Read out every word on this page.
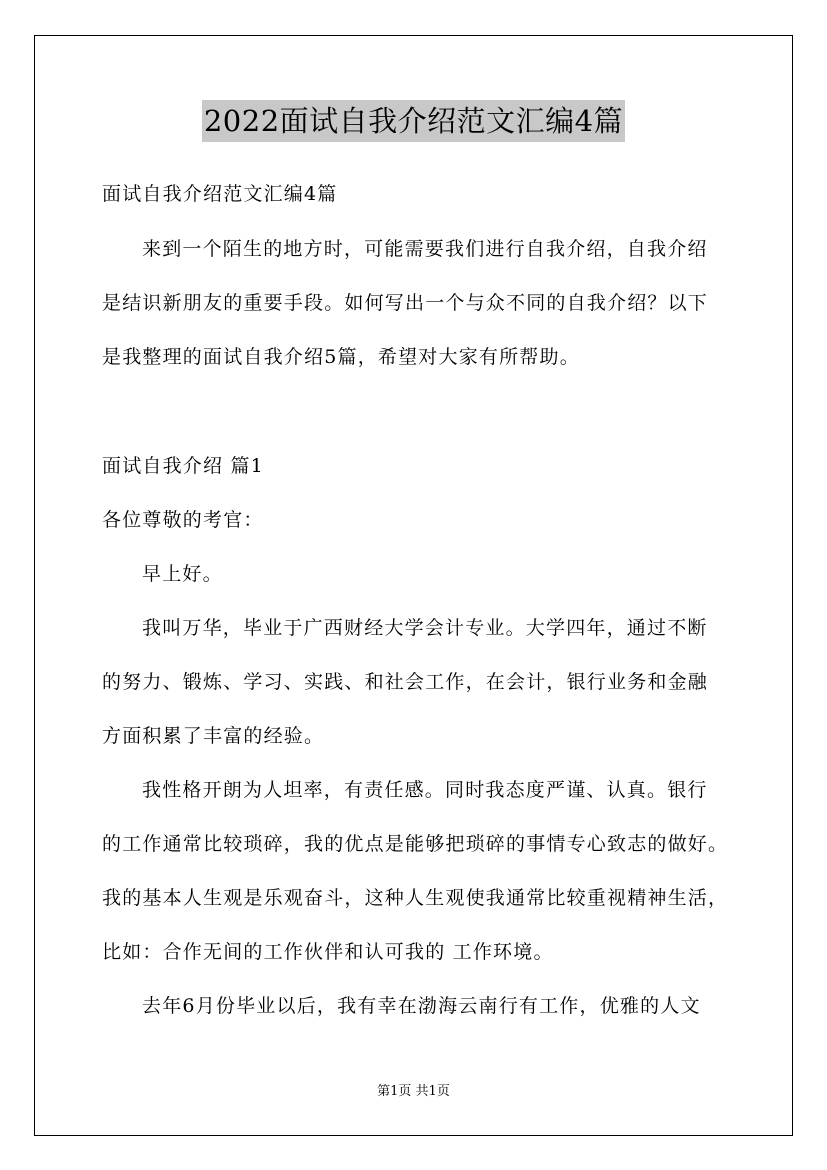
2022面试自我介绍范文汇编4篇

面试自我介绍范文汇编4篇

来到一个陌生的地方时，可能需要我们进行自我介绍，自我介绍

是结识新朋友的重要手段。如何写出一个与众不同的自我介绍？以下

是我整理的面试自我介绍5篇，希望对大家有所帮助。

面试自我介绍 篇1

各位尊敬的考官：

早上好。

我叫万华，毕业于广西财经大学会计专业。大学四年，通过不断

的努力、锻炼、学习、实践、和社会工作，在会计，银行业务和金融

方面积累了丰富的经验。

我性格开朗为人坦率，有责任感。同时我态度严谨、认真。银行

的工作通常比较琐碎，我的优点是能够把琐碎的事情专心致志的做好。

我的基本人生观是乐观奋斗，这种人生观使我通常比较重视精神生活，

比如：合作无间的工作伙伴和认可我的 工作环境。

去年6月份毕业以后，我有幸在渤海云南行有工作，优雅的人文

第1页 共1页
